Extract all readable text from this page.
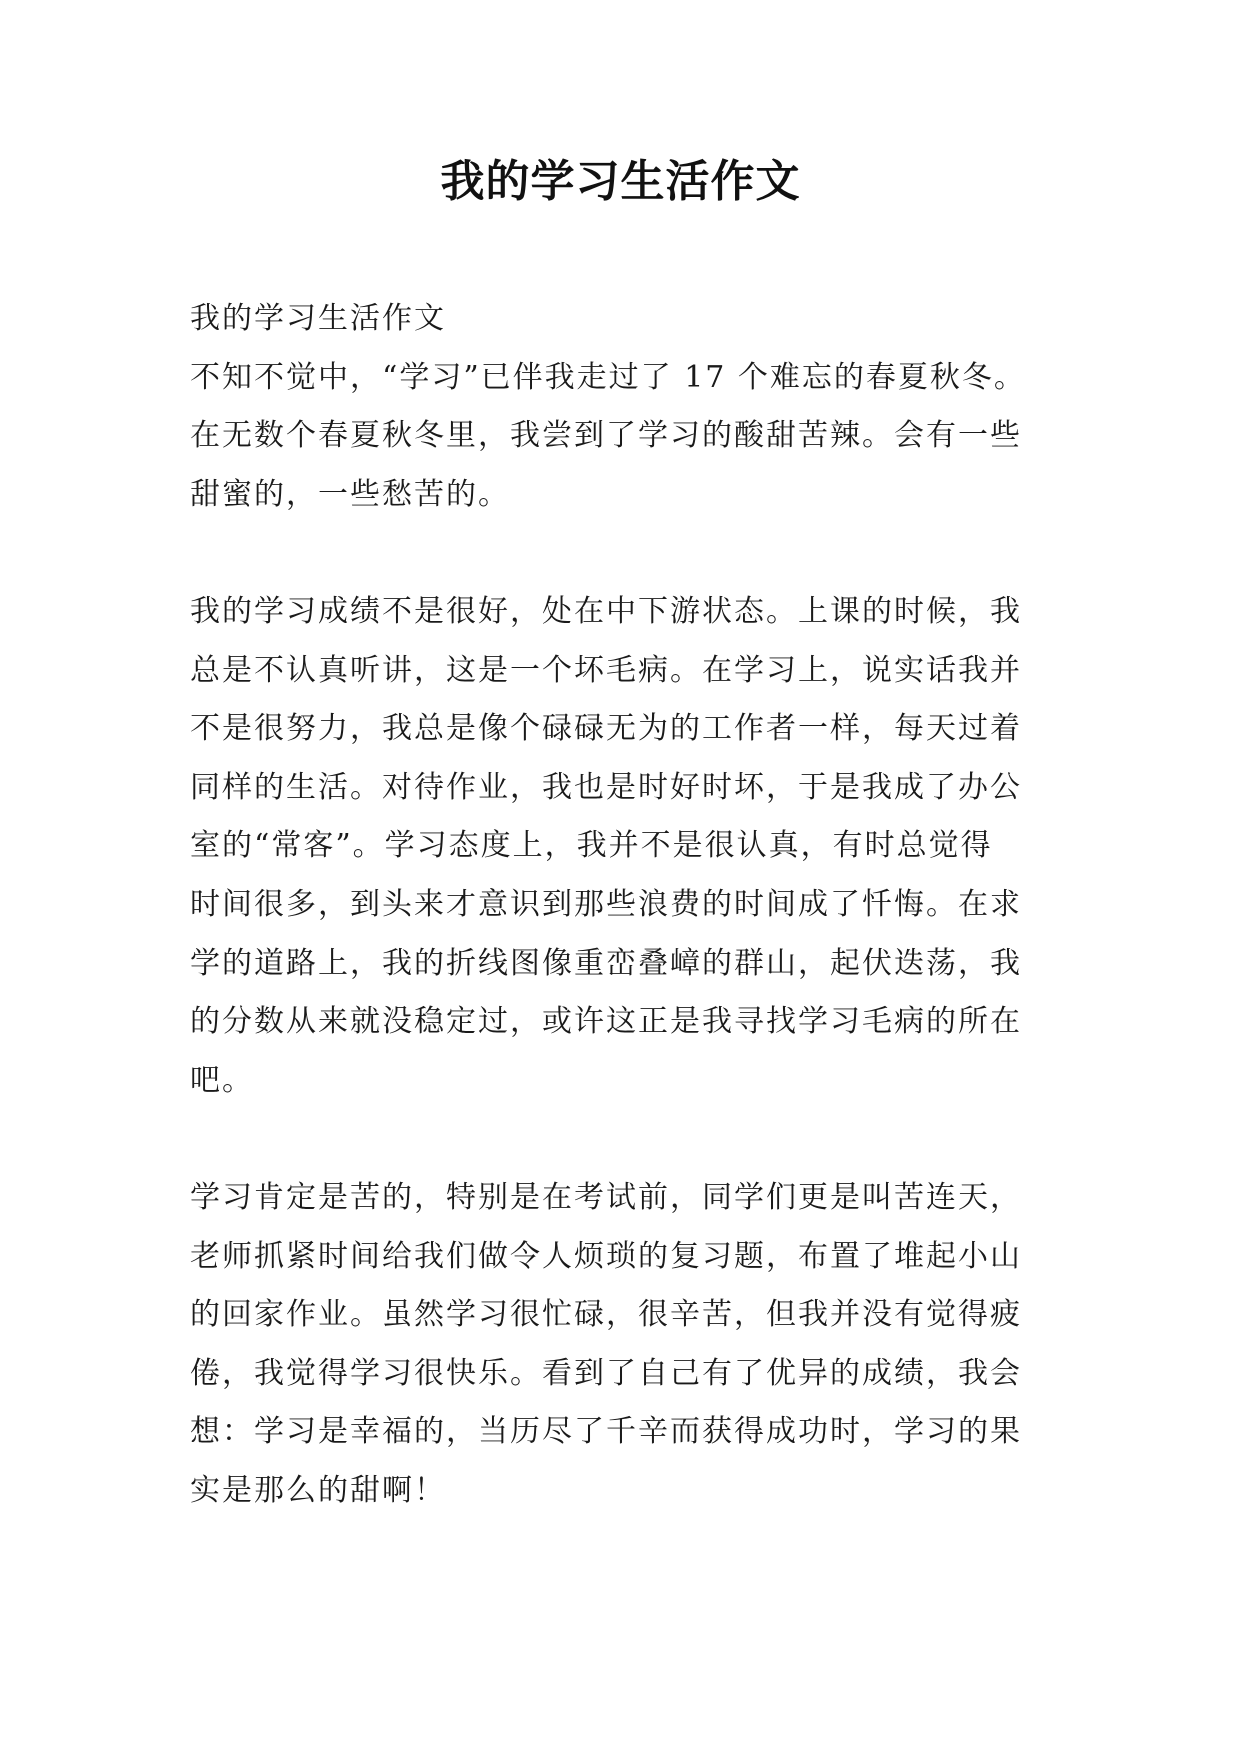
我的学习生活作文
我的学习生活作文
不知不觉中，“学习”已伴我走过了 17 个难忘的春夏秋冬。
在无数个春夏秋冬里，我尝到了学习的酸甜苦辣。会有一些
甜蜜的，一些愁苦的。
我的学习成绩不是很好，处在中下游状态。上课的时候，我
总是不认真听讲，这是一个坏毛病。在学习上，说实话我并
不是很努力，我总是像个碌碌无为的工作者一样，每天过着
同样的生活。对待作业，我也是时好时坏，于是我成了办公
室的“常客”。学习态度上，我并不是很认真，有时总觉得
时间很多，到头来才意识到那些浪费的时间成了忏悔。在求
学的道路上，我的折线图像重峦叠嶂的群山，起伏迭荡，我
的分数从来就没稳定过，或许这正是我寻找学习毛病的所在
吧。
学习肯定是苦的，特别是在考试前，同学们更是叫苦连天，
老师抓紧时间给我们做令人烦琐的复习题，布置了堆起小山
的回家作业。虽然学习很忙碌，很辛苦，但我并没有觉得疲
倦，我觉得学习很快乐。看到了自己有了优异的成绩，我会
想：学习是幸福的，当历尽了千辛而获得成功时，学习的果
实是那么的甜啊！
